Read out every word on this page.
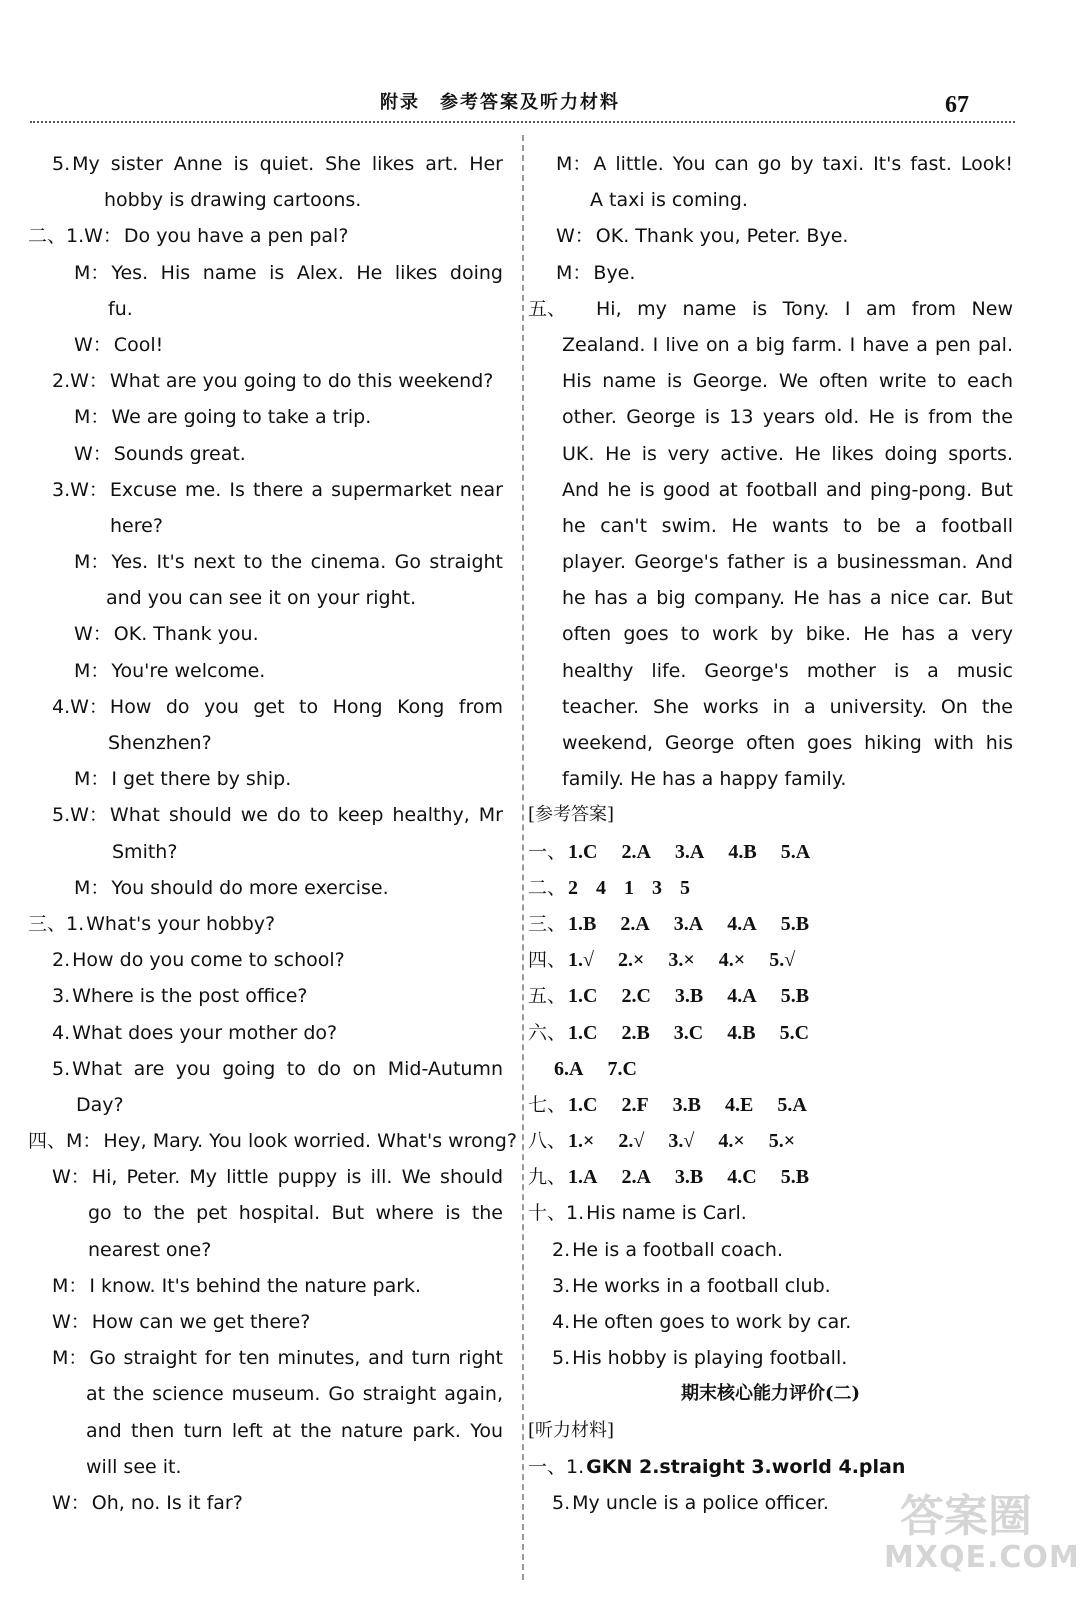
附录　参考答案及听力材料	67
5. My sister Anne is quiet. She likes art. Her
hobby is drawing cartoons.
二、1.W： Do you have a pen pal?
M： Yes. His name is Alex. He likes doing
fu.
W： Cool!
2.W： What are you going to do this weekend?
M： We are going to take a trip.
W： Sounds great.
3.W： Excuse me. Is there a supermarket near
here?
M： Yes. It's next to the cinema. Go straight
and you can see it on your right.
W： OK. Thank you.
M： You're welcome.
4.W： How do you get to Hong Kong from
Shenzhen?
M： I get there by ship.
5.W： What should we do to keep healthy, Mr
Smith?
M： You should do more exercise.
三、1. What's your hobby?
2. How do you come to school?
3. Where is the post office?
4. What does your mother do?
5. What are you going to do on Mid-Autumn
Day?
四、M： Hey, Mary. You look worried. What's wrong?
W： Hi, Peter. My little puppy is ill. We should
go to the pet hospital. But where is the
nearest one?
M： I know. It's behind the nature park.
W： How can we get there?
M： Go straight for ten minutes, and turn right
at the science museum. Go straight again,
and then turn left at the nature park. You
will see it.
W： Oh, no. Is it far?
M： A little. You can go by taxi. It's fast. Look!
A taxi is coming.
W： OK. Thank you, Peter. Bye.
M： Bye.
五、 Hi, my name is Tony. I am from New
Zealand. I live on a big farm. I have a pen pal.
His name is George. We often write to each
other. George is 13 years old. He is from the
UK. He is very active. He likes doing sports.
And he is good at football and ping-pong. But
he can't swim. He wants to be a football
player. George's father is a businessman. And
he has a big company. He has a nice car. But
often goes to work by bike. He has a very
healthy life. George's mother is a music
teacher. She works in a university. On the
weekend, George often goes hiking with his
family. He has a happy family.
[参考答案]
一、 1.C 2.A 3.A 4.B 5.A
二、 2 4 1 3 5
三、 1.B 2.A 3.A 4.A 5.B
四、 1.√ 2.× 3.× 4.× 5.√
五、 1.C 2.C 3.B 4.A 5.B
六、 1.C 2.B 3.C 4.B 5.C
6.A 7.C
七、 1.C 2.F 3.B 4.E 5.A
八、 1.× 2.√ 3.√ 4.× 5.×
九、 1.A 2.A 3.B 4.C 5.B
十、1. His name is Carl.
2. He is a football coach.
3. He works in a football club.
4. He often goes to work by car.
5. His hobby is playing football.
期末核心能力评价(二)
[听力材料]
一、1. GKN 2.straight 3.world 4.plan
5. My uncle is a police officer. 答案圈
MXQE.COM
